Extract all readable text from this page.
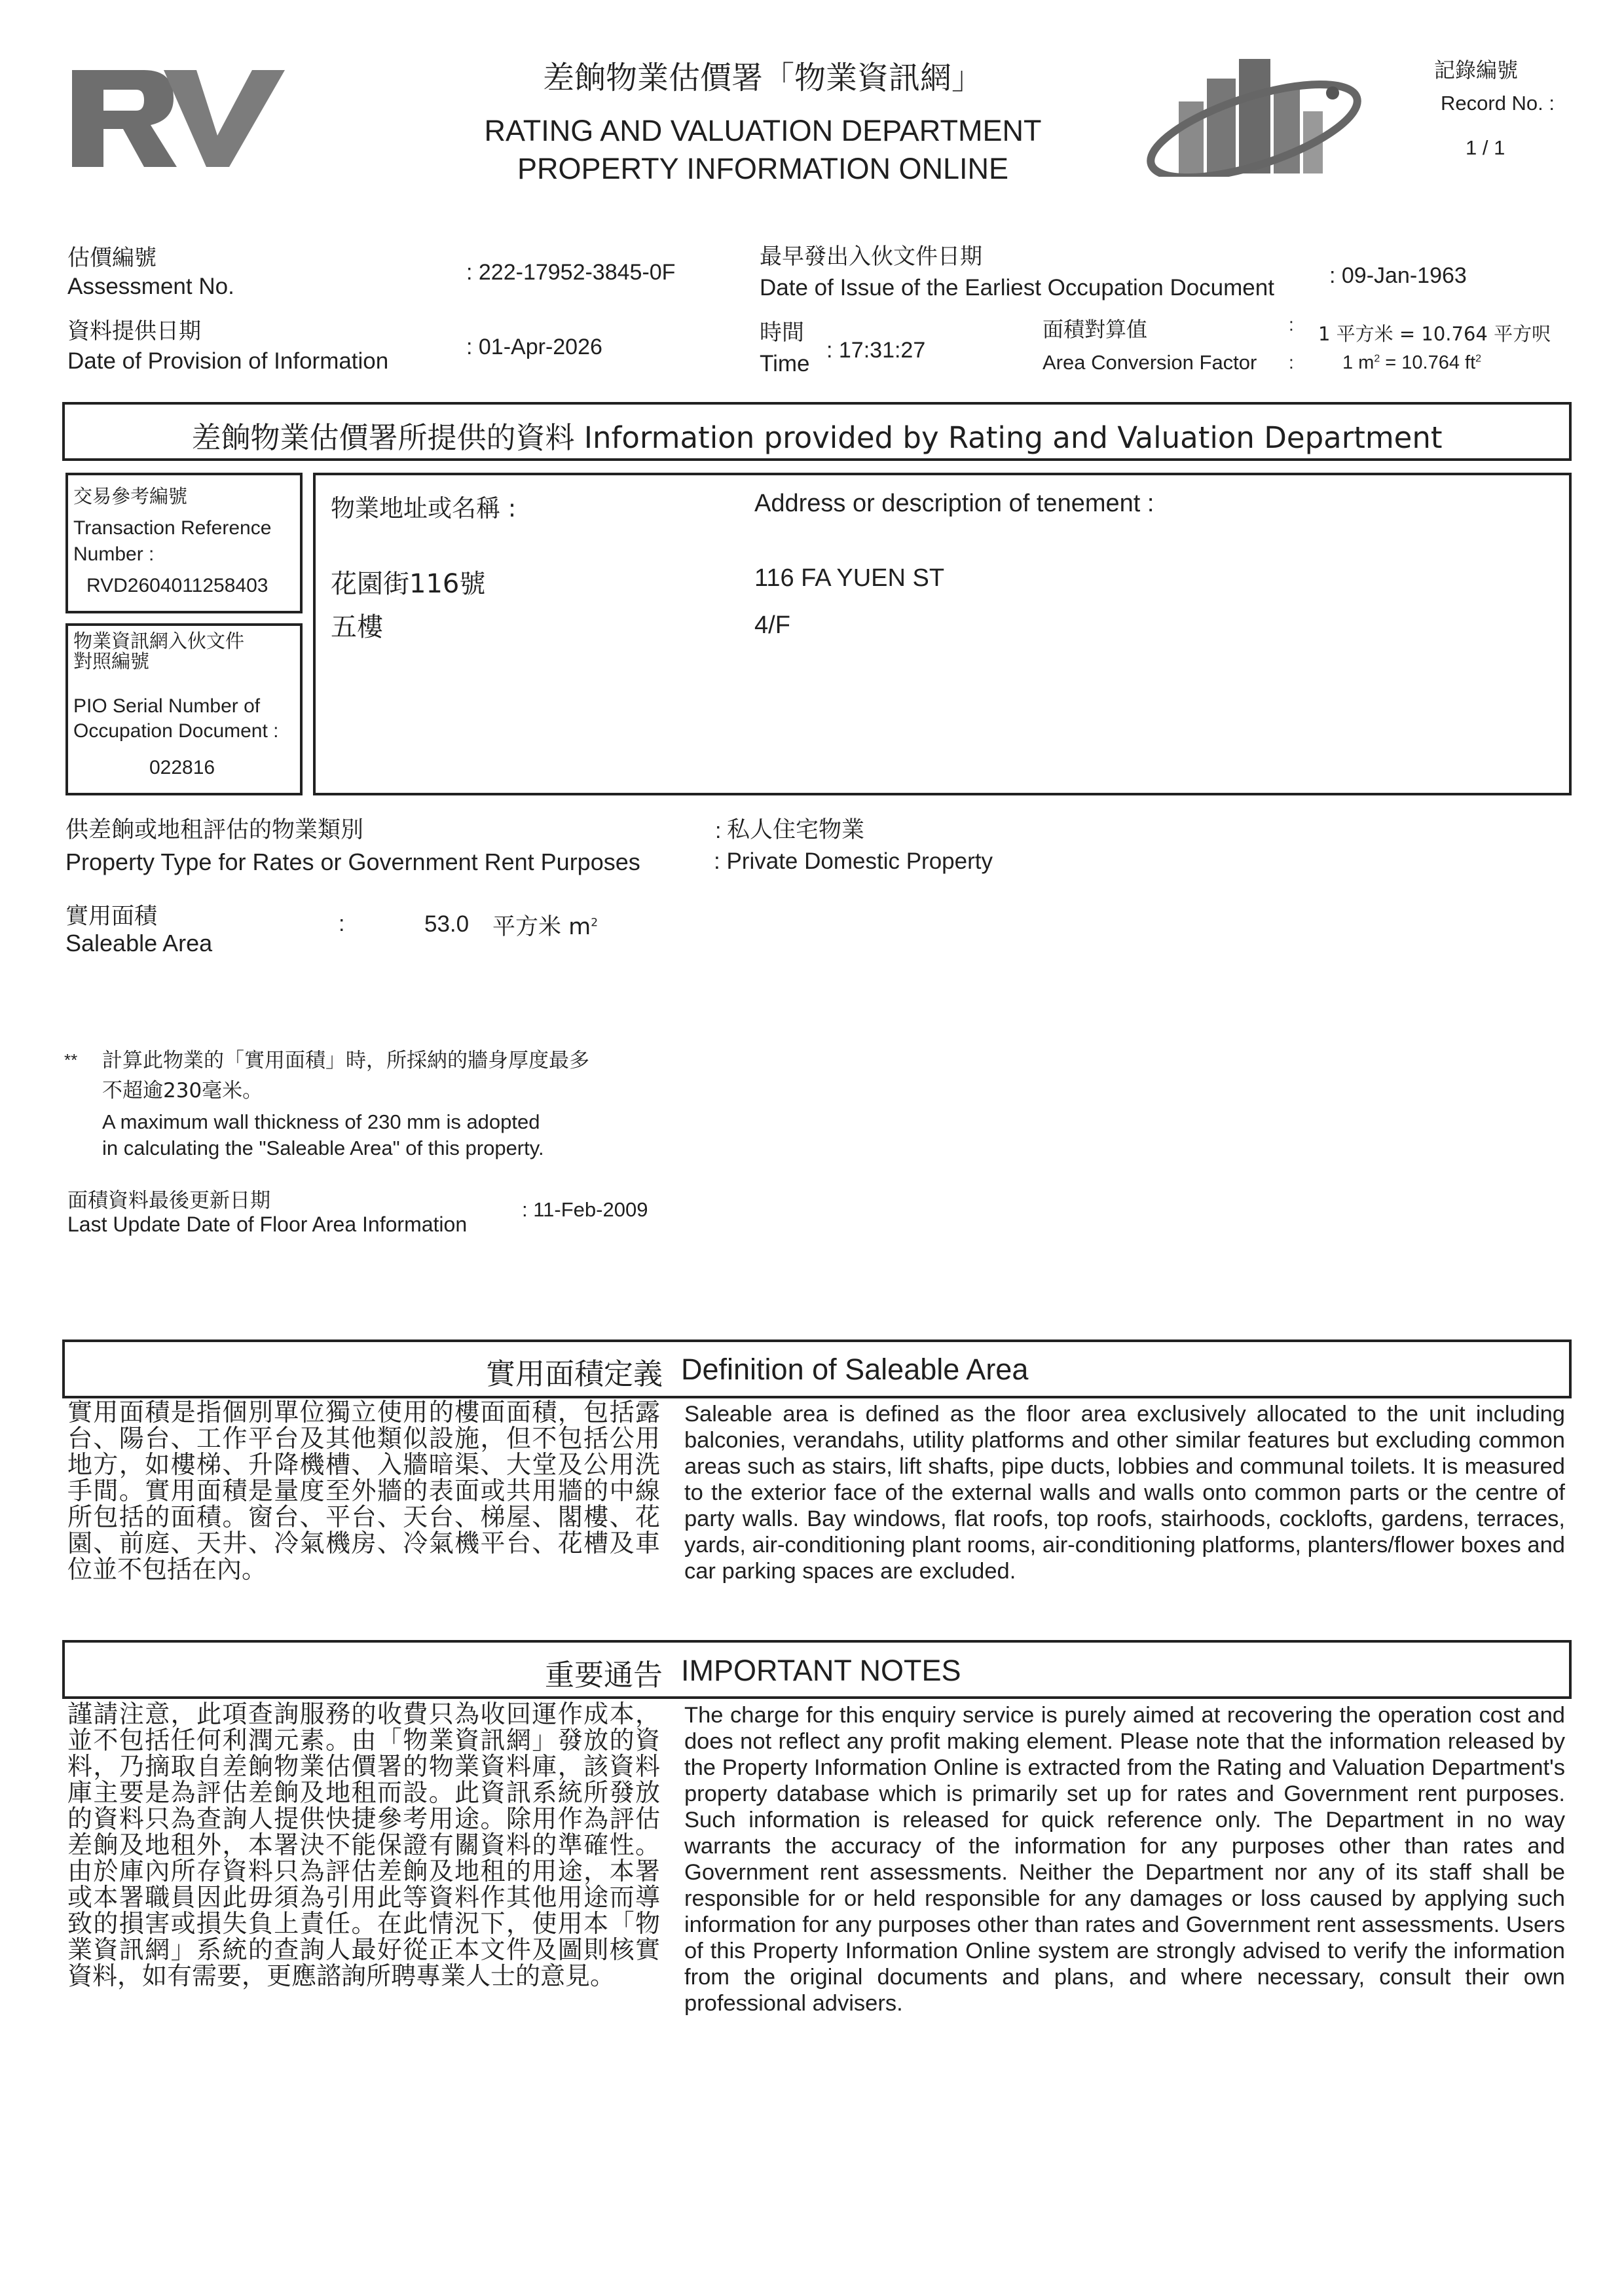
差餉物業估價署「物業資訊網」
RATING AND VALUATION DEPARTMENT
PROPERTY INFORMATION ONLINE
記錄編號
Record No. :
1 / 1
估價編號
Assessment No.
: 222-17952-3845-0F
資料提供日期
Date of Provision of Information
: 01-Apr-2026
最早發出入伙文件日期
Date of Issue of the Earliest Occupation Document : 09-Jan-1963
時間
Time
: 17:31:27
面積對算值
Area Conversion Factor
:
:
1 平方米 = 10.764 平方呎
1 $m^2 = 10.764$ $ft^2$
差餉物業估價署所提供的資料 Information provided by Rating and Valuation Department
交易參考編號
Transaction Reference
Number :
RVD2604011258403
物業資訊網入伙文件
對照編號
PIO Serial Number of
Occupation Document :
022816
物業地址或名稱 :	Address or description of tenement :
花園街116號
五樓
116 FA YUEN ST
4/F
供差餉或地租評估的物業類別
Property Type for Rates or Government Rent Purposes
: 私人住宅物業
: Private Domestic Property
實用面積
Saleable Area
:	53.0 平方米 $m^2$
** 計算此物業的「實用面積」時，所採納的牆身厚度最多
不超逾230毫米。
A maximum wall thickness of 230 mm is adopted
in calculating the "Saleable Area" of this property.
面積資料最後更新日期
Last Update Date of Floor Area Information
: 11-Feb-2009
實用面積定義 Definition of Saleable Area
實用面積是指個別單位獨立使用的樓面面積，包括露台、陽台、工作平台及其他類似設施，但不包括公用地方，如樓梯、升降機槽、入牆暗渠、大堂及公用洗手間。實用面積是量度至外牆的表面或共用牆的中線所包括的面積。窗台、平台、天台、梯屋、閣樓、花園、前庭、天井、冷氣機房、冷氣機平台、花槽及車位並不包括在內。
Saleable area is defined as the floor area exclusively allocated to the unit including balconies, verandahs, utility platforms and other similar features but excluding common areas such as stairs, lift shafts, pipe ducts, lobbies and communal toilets. It is measured to the exterior face of the external walls and walls onto common parts or the centre of party walls. Bay windows, flat roofs, top roofs, stairhoods, cocklofts, gardens, terraces, yards, air-conditioning plant rooms, air-conditioning platforms, planters/flower boxes and car parking spaces are excluded.
重要通告 IMPORTANT NOTES
謹請注意，此項查詢服務的收費只為收回運作成本，並不包括任何利潤元素。由「物業資訊網」發放的資料，乃摘取自差餉物業估價署的物業資料庫，該資料庫主要是為評估差餉及地租而設。此資訊系統所發放的資料只為查詢人提供快捷參考用途。除用作為評估差餉及地租外，本署決不能保證有關資料的準確性。由於庫內所存資料只為評估差餉及地租的用途，本署或本署職員因此毋須為引用此等資料作其他用途而導致的損害或損失負上責任。在此情況下，使用本「物業資訊網」系統的查詢人最好從正本文件及圖則核實資料，如有需要，更應諮詢所聘專業人士的意見。
The charge for this enquiry service is purely aimed at recovering the operation cost and does not reflect any profit making element. Please note that the information released by the Property Information Online is extracted from the Rating and Valuation Department's property database which is primarily set up for rates and Government rent purposes. Such information is released for quick reference only. The Department in no way warrants the accuracy of the information for any purposes other than rates and Government rent assessments. Neither the Department nor any of its staff shall be responsible for or held responsible for any damages or loss caused by applying such information for any purposes other than rates and Government rent assessments. Users of this Property Information Online system are strongly advised to verify the information from the original documents and plans, and where necessary, consult their own professional advisers.
